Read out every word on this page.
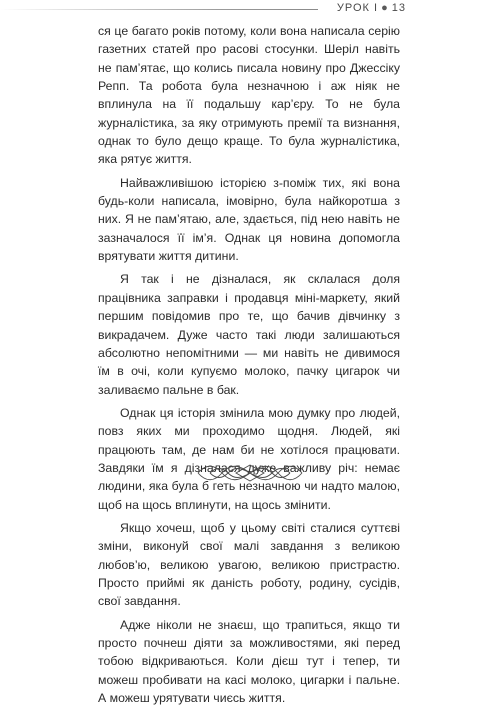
УРОК І ● 13

ся це багато років потому, коли вона написала серію газетних статей про расові стосунки. Шеріл навіть не пам’ятає, що колись писала новину про Джессіку Репп. Та робота була незначною і аж ніяк не вплинула на її подальшу кар’єру. То не була журналістика, за яку отримують премії та визнання, однак то було дещо краще. То була журналістика, яка рятує життя.

Найважливішою історією з-поміж тих, які вона будь-коли написала, імовірно, була найкоротша з них. Я не пам’ятаю, але, здається, під нею навіть не зазначалося її ім’я. Однак ця новина допомогла врятувати життя дитини.

Я так і не дізналася, як склалася доля працівника заправки і продавця міні-маркету, який першим повідомив про те, що бачив дівчинку з викрадачем. Дуже часто такі люди залишаються абсолютно непомітними — ми навіть не дивимося їм в очі, коли купуємо молоко, пачку цигарок чи заливаємо пальне в бак.

Однак ця історія змінила мою думку про людей, повз яких ми проходимо щодня. Людей, які працюють там, де нам би не хотілося працювати. Завдяки їм я дізналася дуже важливу річ: немає людини, яка була б геть незначною чи надто малою, щоб на щось вплинути, на щось змінити.

Якщо хочеш, щоб у цьому світі сталися суттєві зміни, виконуй свої малі завдання з великою любов’ю, великою увагою, великою пристрастю. Просто приймі як даність роботу, родину, сусідів, свої завдання.

Адже ніколи не знаєш, що трапиться, якщо ти просто почнеш діяти за можливостями, які перед тобою відкриваються. Коли дієш тут і тепер, ти можеш пробивати на касі молоко, цигарки і пальне. А можеш урятувати чиєсь життя.
